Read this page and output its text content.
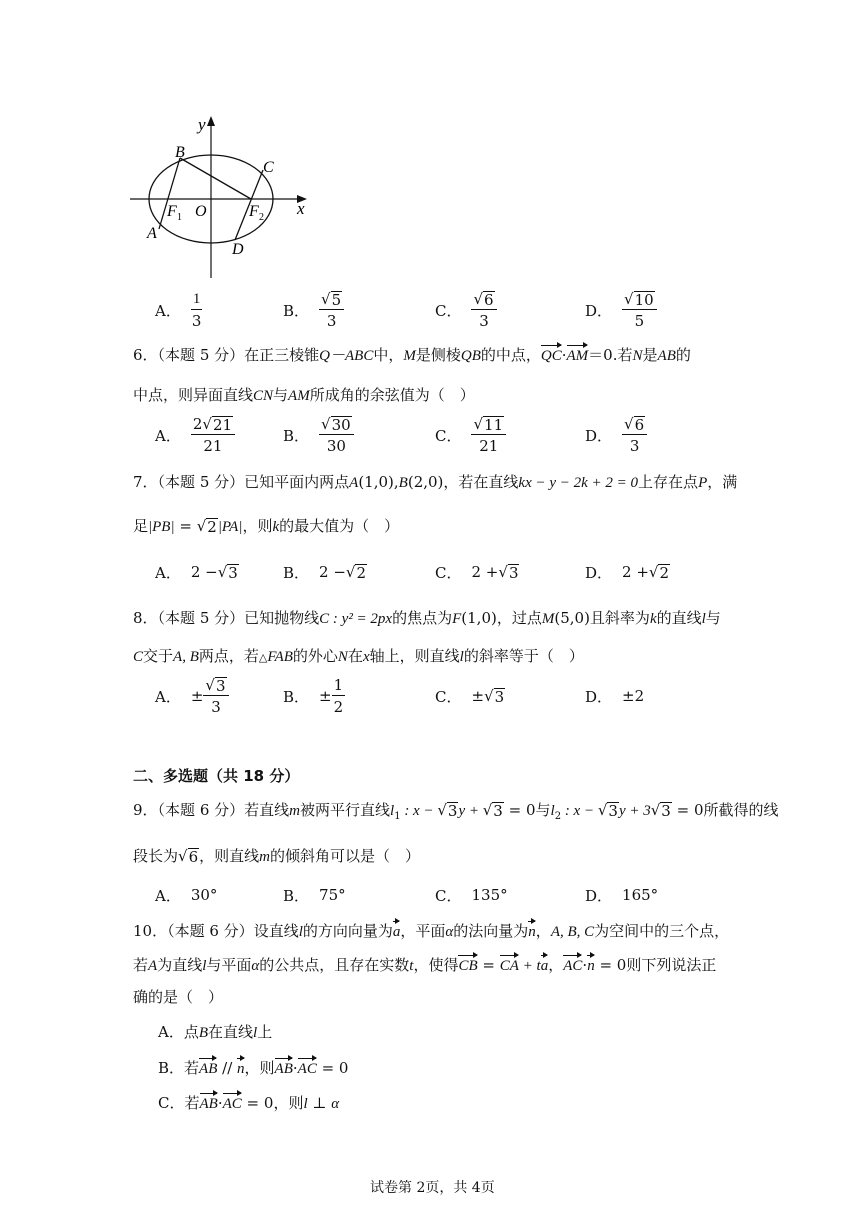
y
x
B
C
O
F 1	F 2
A
D
A． $\frac{1}{3}$	B． $\frac{√ 5}{3}$	C． $\frac{√ 6}{3}$	D． $\frac{√ 10}{5}$
6．（本题 5 分）在正三棱锥Q－ABC中，M是侧棱QB的中点，QC·AM＝0.若N是AB的
中点，则异面直线CN与AM所成角的余弦值为（　）
A． $\frac{2 √ 21}{21}$	B． $\frac{√ 30}{30}$	C． $\frac{√ 11}{21}$	D． $\frac{√ 6}{3}$
7．（本题 5 分）已知平面内两点A(1,0),B(2,0)，若在直线kx − y − 2k + 2 = 0上存在点P，满
足|PB| = √ 2 |PA|，则k的最大值为（　）
A． 2 − √ 3	B． 2 − √ 2	C． 2 + √ 3	D． 2 + √ 2
8．（本题 5 分）已知抛物线C : y² = 2px的焦点为F(1,0)，过点M(5,0)且斜率为k的直线l与
C交于A, B两点，若△FAB的外心N在x轴上，则直线l的斜率等于（　）
A． ± $\frac{√ 3}{3}$	B． ± $\frac{1}{2}$	C． ± √ 3	D． ±2
二、多选题（共 18 分）
9．（本题 6 分）若直线m被两平行直线$l_1$ : x − √ 3 y + √ 3 = 0与$l_2$ : x − √ 3 y + 3 √ 3 = 0所截得的线
段长为 √ 6 ，则直线m的倾斜角可以是（　）
A． 30°	B． 75°	C． 135°	D． 165°
10．（本题 6 分）设直线l的方向向量为a，平面α的法向量为n，A, B, C为空间中的三个点，
若A为直线l与平面α的公共点，且存在实数t，使得CB = CA + ta，AC·n = 0则下列说法正
确的是（　）
A．点B在直线l上
B．若AB // n，则AB·AC = 0
C．若AB·AC = 0，则l ⊥ α
试卷第 2页，共 4页
